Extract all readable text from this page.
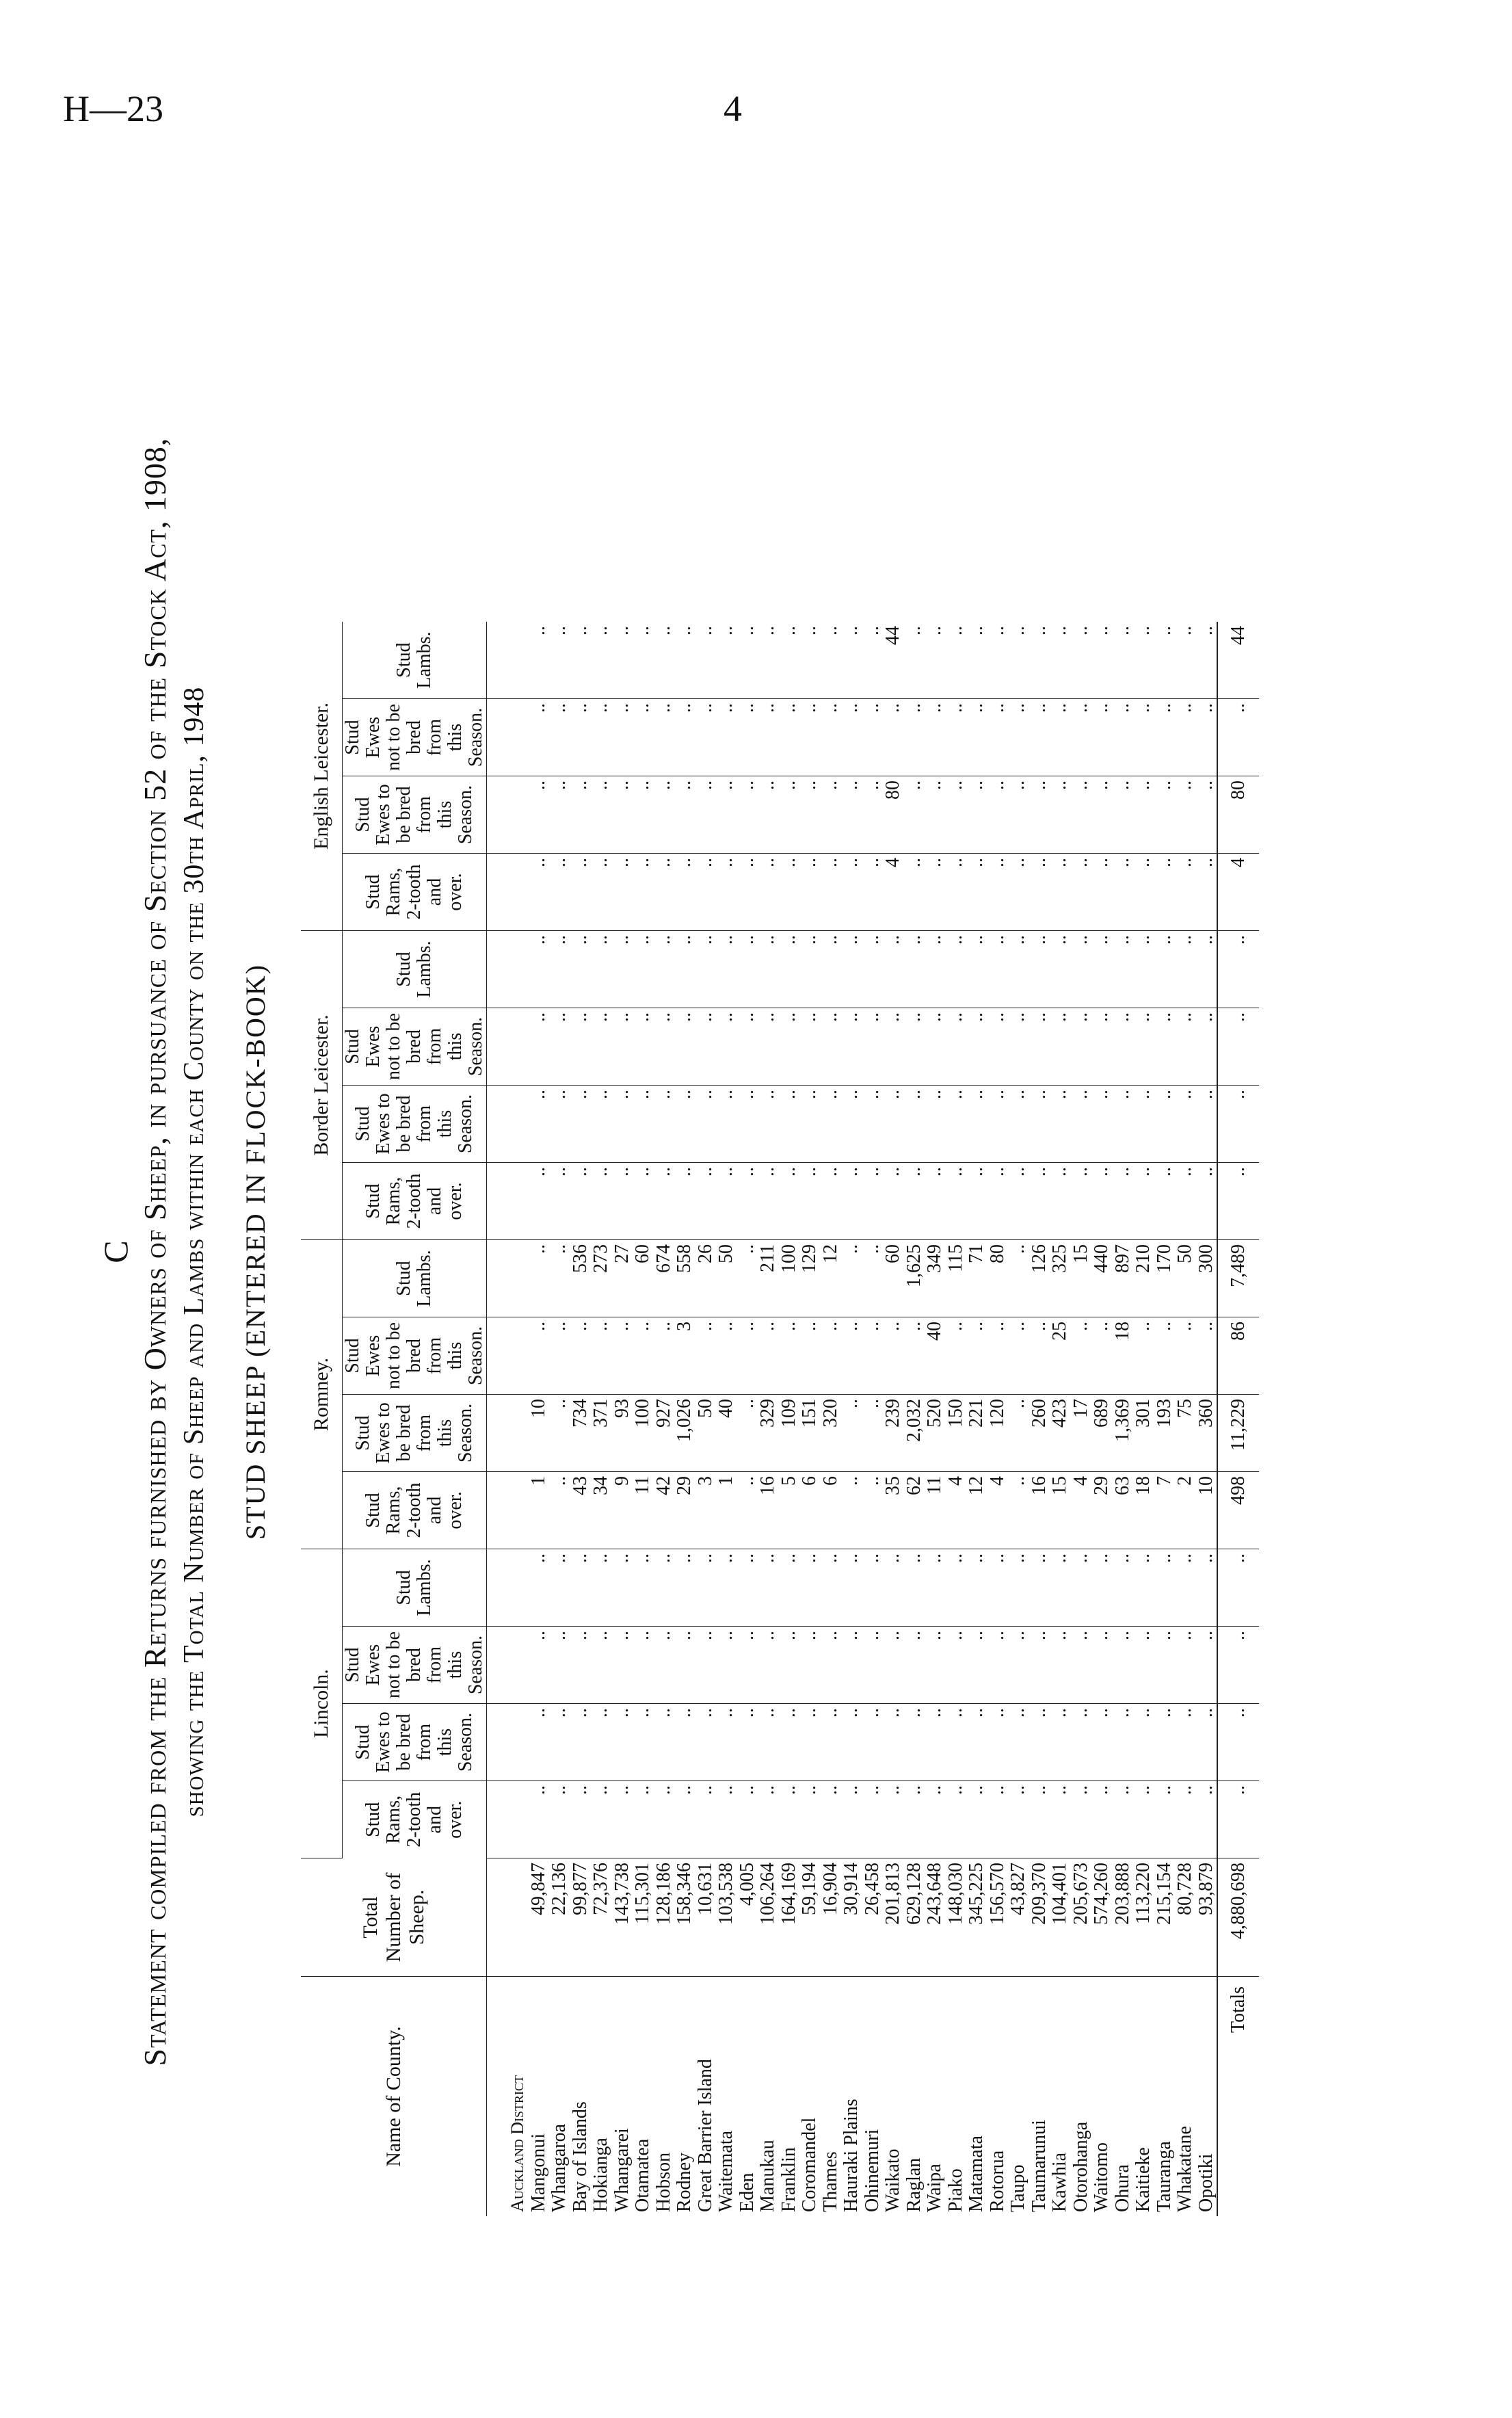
H—23	4
C Statement compiled from the Returns furnished by Owners of Sheep, in pursuance of Section 52 of the Stock Act, 1908, showing the Total Number of Sheep and Lambs within each County on the 30th April, 1948 STUD SHEEP (ENTERED IN FLOCK-BOOK)
Name of County.	Total Number of Sheep.	Lincoln.				Romney.				Border Leicester.				English Leicester.			
		Stud Rams, 2-tooth and over.	Stud Ewes to be bred from this Season.	Stud Ewes not to be bred from this Season.	Stud Lambs.	Stud Rams, 2-tooth and over.	Stud Ewes to be bred from this Season.	Stud Ewes not to be bred from this Season.	Stud Lambs.	Stud Rams, 2-tooth and over.	Stud Ewes to be bred from this Season.	Stud Ewes not to be bred from this Season.	Stud Lambs.	Stud Rams, 2-tooth and over.	Stud Ewes to be bred from this Season.	Stud Ewes not to be bred from this Season.	Stud Lambs.
Auckland District																	
Mangonui	49,847	..	..	..	..	1	10	..	..	..	..	..	..	..	..	..	..
Whangaroa	22,136	..	..	..	..	..	..	..	..	..	..	..	..	..	..	..	..
Bay of Islands	99,877	..	..	..	..	43	734	..	536	..	..	..	..	..	..	..	..
Hokianga	72,376	..	..	..	..	34	371	..	273	..	..	..	..	..	..	..	..
Whangarei	143,738	..	..	..	..	9	93	..	27	..	..	..	..	..	..	..	..
Otamatea	115,301	..	..	..	..	11	100	..	60	..	..	..	..	..	..	..	..
Hobson	128,186	..	..	..	..	42	927	..	674	..	..	..	..	..	..	..	..
Rodney	158,346	..	..	..	..	29	1,026	3	558	..	..	..	..	..	..	..	..
Great Barrier Island	10,631	..	..	..	..	3	50	..	26	..	..	..	..	..	..	..	..
Waitemata	103,538	..	..	..	..	1	40	..	50	..	..	..	..	..	..	..	..
Eden	4,005	..	..	..	..	..	..	..	..	..	..	..	..	..	..	..	..
Manukau	106,264	..	..	..	..	16	329	..	211	..	..	..	..	..	..	..	..
Franklin	164,169	..	..	..	..	5	109	..	100	..	..	..	..	..	..	..	..
Coromandel	59,194	..	..	..	..	6	151	..	129	..	..	..	..	..	..	..	..
Thames	16,904	..	..	..	..	6	320	..	12	..	..	..	..	..	..	..	..
Hauraki Plains	30,914	..	..	..	..	..	..	..	..	..	..	..	..	..	..	..	..
Ohinemuri	26,458	..	..	..	..	..	..	..	..	..	..	..	..	..	..	..	..
Waikato	201,813	..	..	..	..	35	239	..	60	..	..	..	..	4	80	..	44
Raglan	629,128	..	..	..	..	62	2,032	..	1,625	..	..	..	..	..	..	..	..
Waipa	243,648	..	..	..	..	11	520	40	349	..	..	..	..	..	..	..	..
Piako	148,030	..	..	..	..	4	150	..	115	..	..	..	..	..	..	..	..
Matamata	345,225	..	..	..	..	12	221	..	71	..	..	..	..	..	..	..	..
Rotorua	156,570	..	..	..	..	4	120	..	80	..	..	..	..	..	..	..	..
Taupo	43,827	..	..	..	..	..	..	..	..	..	..	..	..	..	..	..	..
Taumarunui	209,370	..	..	..	..	16	260	..	126	..	..	..	..	..	..	..	..
Kawhia	104,401	..	..	..	..	15	423	25	325	..	..	..	..	..	..	..	..
Otorohanga	205,673	..	..	..	..	4	17	..	15	..	..	..	..	..	..	..	..
Waitomo	574,260	..	..	..	..	29	689	..	440	..	..	..	..	..	..	..	..
Ohura	203,888	..	..	..	..	63	1,369	18	897	..	..	..	..	..	..	..	..
Kaitieke	113,220	..	..	..	..	18	301	..	210	..	..	..	..	..	..	..	..
Tauranga	215,154	..	..	..	..	7	193	..	170	..	..	..	..	..	..	..	..
Whakatane	80,728	..	..	..	..	2	75	..	50	..	..	..	..	..	..	..	..
Opotiki	93,879	..	..	..	..	10	360	..	300	..	..	..	..	..	..	..	..
Totals	4,880,698	..	..	..	..	498	11,229	86	7,489	..	..	..	..	4	80	..	44
